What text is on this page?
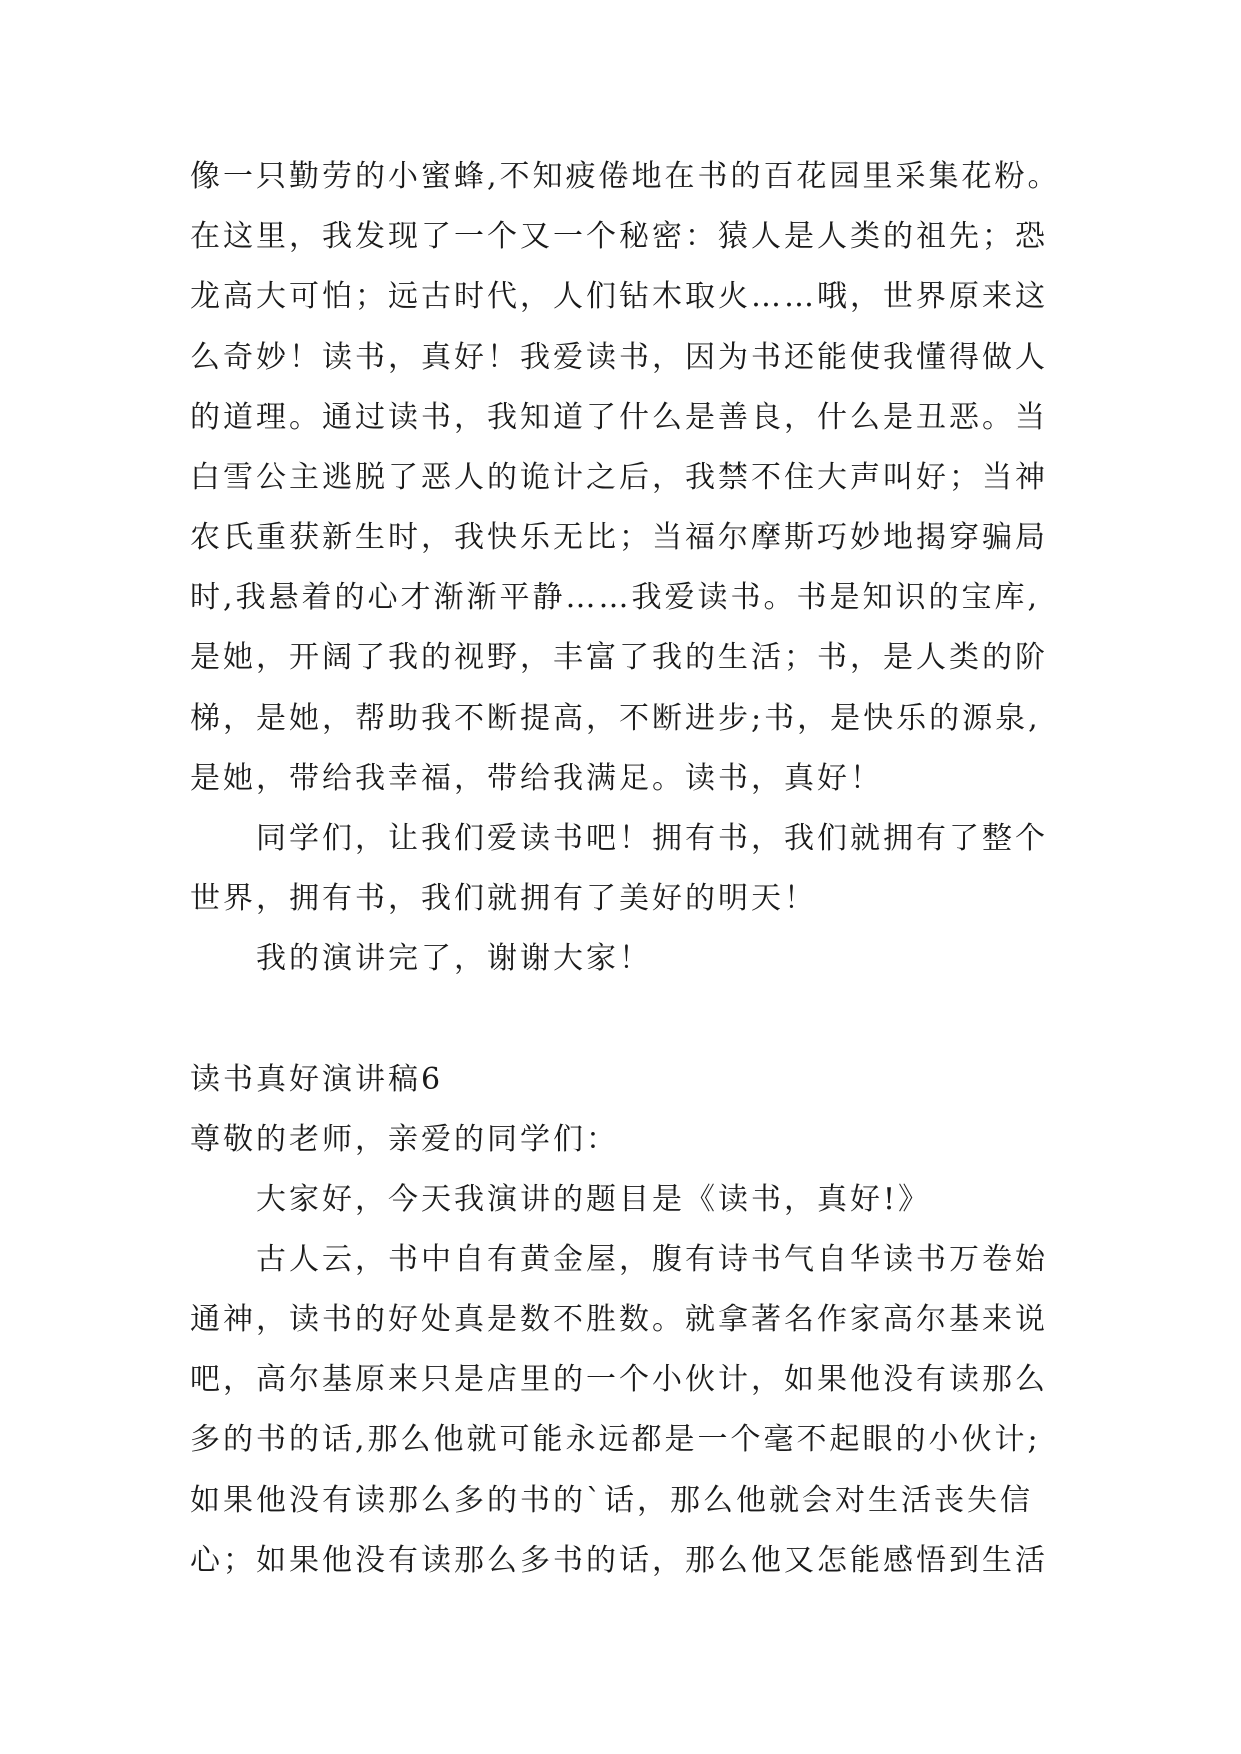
像一只勤劳的小蜜蜂,不知疲倦地在书的百花园里采集花粉。
在这里，我发现了一个又一个秘密：猿人是人类的祖先；恐
龙高大可怕；远古时代，人们钻木取火……哦，世界原来这
么奇妙！读书，真好！我爱读书，因为书还能使我懂得做人
的道理。通过读书，我知道了什么是善良，什么是丑恶。当
白雪公主逃脱了恶人的诡计之后，我禁不住大声叫好；当神
农氏重获新生时，我快乐无比；当福尔摩斯巧妙地揭穿骗局
时,我悬着的心才渐渐平静……我爱读书。书是知识的宝库,
是她，开阔了我的视野，丰富了我的生活；书，是人类的阶
梯，是她，帮助我不断提高，不断进步;书，是快乐的源泉,
是她，带给我幸福，带给我满足。读书，真好！
同学们，让我们爱读书吧！拥有书，我们就拥有了整个
世界，拥有书，我们就拥有了美好的明天！
我的演讲完了，谢谢大家！
读书真好演讲稿6
尊敬的老师，亲爱的同学们：
大家好，今天我演讲的题目是《读书，真好!》
古人云，书中自有黄金屋，腹有诗书气自华读书万卷始
通神，读书的好处真是数不胜数。就拿著名作家高尔基来说
吧，高尔基原来只是店里的一个小伙计，如果他没有读那么
多的书的话,那么他就可能永远都是一个毫不起眼的小伙计;
如果他没有读那么多的书的`话，那么他就会对生活丧失信
心；如果他没有读那么多书的话，那么他又怎能感悟到生活
